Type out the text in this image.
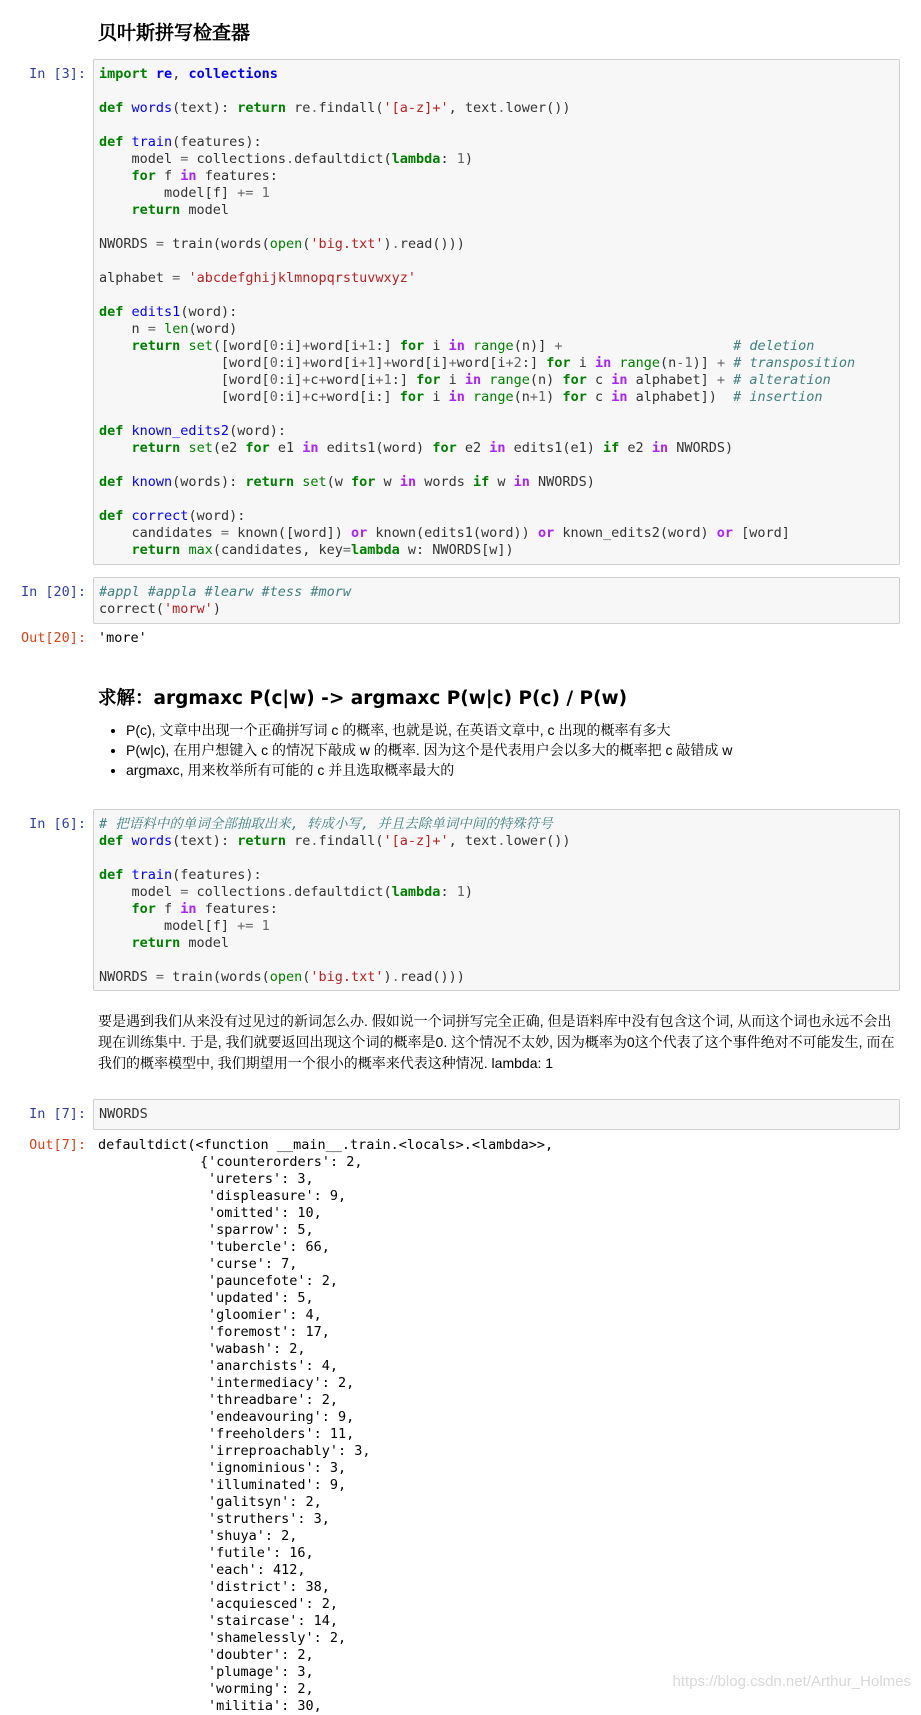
贝叶斯拼写检查器
In [3]: import re, collections

def words(text): return re.findall('[a-z]+', text.lower())

def train(features):
model = collections.defaultdict(lambda: 1)
for f in features:
model[f] += 1
return model

NWORDS = train(words(open('big.txt').read()))

alphabet = 'abcdefghijklmnopqrstuvwxyz'

def edits1(word):
n = len(word)
return set([word[0:i]+word[i+1:] for i in range(n)] +	# deletion
[word[0:i]+word[i+1]+word[i]+word[i+2:] for i in range(n-1)] + # transposition
[word[0:i]+c+word[i+1:] for i in range(n) for c in alphabet] + # alteration
[word[0:i]+c+word[i:] for i in range(n+1) for c in alphabet])  # insertion

def known_edits2(word):
return set(e2 for e1 in edits1(word) for e2 in edits1(e1) if e2 in NWORDS)

def known(words): return set(w for w in words if w in NWORDS)

def correct(word):
candidates = known([word]) or known(edits1(word)) or known_edits2(word) or [word]
return max(candidates, key=lambda w: NWORDS[w])
In [20]: #appl #appla #learw #tess #morw
correct('morw')
Out[20]: 'more'
求解：argmaxc P(c|w) -> argmaxc P(w|c) P(c) / P(w)
• P(c), 文章中出现一个正确拼写词 c 的概率, 也就是说, 在英语文章中, c 出现的概率有多大
• P(w|c), 在用户想键入 c 的情况下敲成 w 的概率. 因为这个是代表用户会以多大的概率把 c 敲错成 w
• argmaxc, 用来枚举所有可能的 c 并且选取概率最大的
In [6]: # 把语料中的单词全部抽取出来, 转成小写, 并且去除单词中间的特殊符号
def words(text): return re.findall('[a-z]+', text.lower())

def train(features):
model = collections.defaultdict(lambda: 1)
for f in features:
model[f] += 1
return model

NWORDS = train(words(open('big.txt').read()))

要是遇到我们从来没有过见过的新词怎么办. 假如说一个词拼写完全正确, 但是语料库中没有包含这个词, 从而这个词也永远不会出现在训练集中. 于是, 我们就要返回出现这个词的概率是0. 这个情况不太妙, 因为概率为0这个代表了这个事件绝对不可能发生, 而在我们的概率模型中, 我们期望用一个很小的概率来代表这种情况. lambda: 1

In [7]: NWORDS
Out[7]: defaultdict(<function __main__.train.<locals>.<lambda>>,
{'counterorders': 2,
'ureters': 3,
'displeasure': 9,
'omitted': 10,
'sparrow': 5,
'tubercle': 66,
'curse': 7,
'pauncefote': 2,
'updated': 5,
'gloomier': 4,
'foremost': 17,
'wabash': 2,
'anarchists': 4,
'intermediacy': 2,
'threadbare': 2,
'endeavouring': 9,
'freeholders': 11,
'irreproachably': 3,
'ignominious': 3,
'illuminated': 9,
'galitsyn': 2,
'struthers': 3,
'shuya': 2,
'futile': 16,
'each': 412,
'district': 38,
'acquiesced': 2,
'staircase': 14,
'shamelessly': 2,
'doubter': 2,
'plumage': 3,
'worming': 2,
'militia': 30,
https://blog.csdn.net/Arthur_Holmes
